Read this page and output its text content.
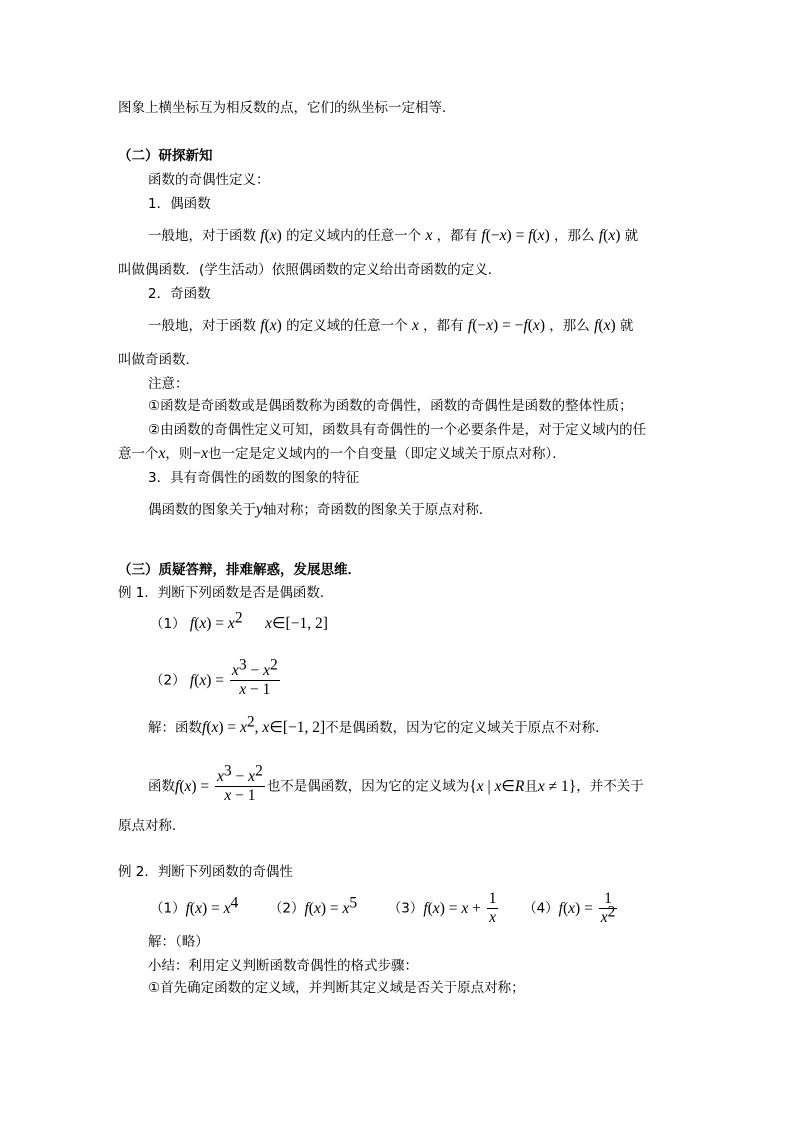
图象上横坐标互为相反数的点，它们的纵坐标一定相等．
（二）研探新知
函数的奇偶性定义：
1．偶函数
一般地，对于函数 f(x) 的定义域内的任意一个 x ，都有 f(−x) = f(x) ，那么 f(x) 就
叫做偶函数．(学生活动）依照偶函数的定义给出奇函数的定义．
2．奇函数
一般地，对于函数 f(x) 的定义域的任意一个 x ，都有 f(−x) = −f(x) ，那么 f(x) 就
叫做奇函数．
注意：
①函数是奇函数或是偶函数称为函数的奇偶性，函数的奇偶性是函数的整体性质；
②由函数的奇偶性定义可知，函数具有奇偶性的一个必要条件是，对于定义域内的任
意一个x，则−x也一定是定义域内的一个自变量（即定义域关于原点对称）．
3．具有奇偶性的函数的图象的特征
偶函数的图象关于y轴对称；奇函数的图象关于原点对称．
（三）质疑答辩，排难解惑，发展思维．
例 1．判断下列函数是否是偶函数．
（1） $f(x) = x^2$ x∈[−1, 2]
（2） $f(x) = \frac{x^3 - x^2}{x - 1}$
解：函数$f(x) = x^2$, x∈[−1, 2]不是偶函数，因为它的定义域关于原点不对称．
函数$f(x) = \frac{x^3 - x^2}{x - 1}$ 也不是偶函数，因为它的定义域为{x | x∈R且x ≠ 1}，并不关于
原点对称．
例 2．判断下列函数的奇偶性
$(1)f(x) = x^4$ $(2)f(x) = x^5$ $(3)f(x) = x + \frac{1}{x} (4)f(x) = \frac{1}{x^2}$
解：（略）
小结：利用定义判断函数奇偶性的格式步骤：
①首先确定函数的定义域，并判断其定义域是否关于原点对称；
